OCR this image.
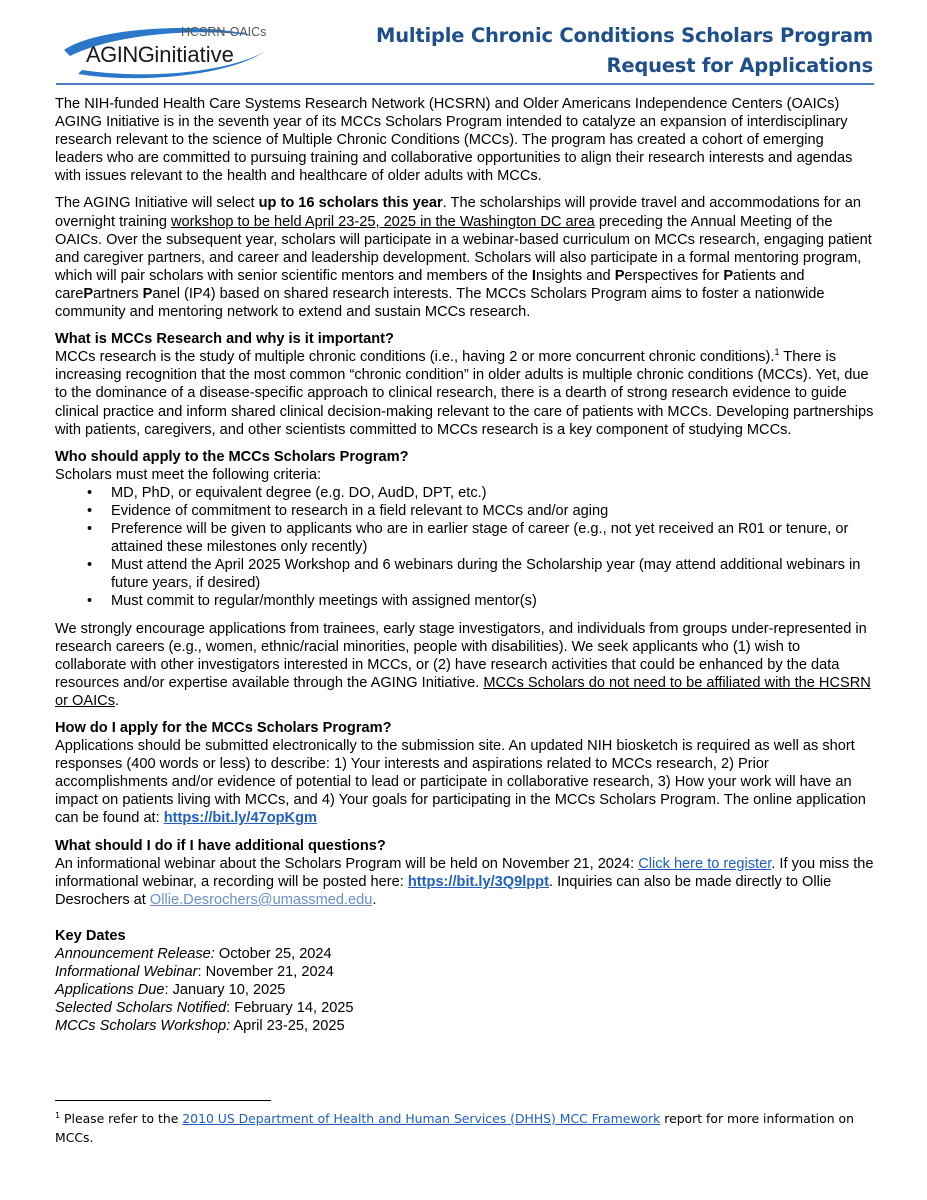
HCSRN-OAICs
AGINGinitiative
Multiple Chronic Conditions Scholars Program
Request for Applications

The NIH-funded Health Care Systems Research Network (HCSRN) and Older Americans Independence Centers (OAICs) AGING Initiative is in the seventh year of its MCCs Scholars Program intended to catalyze an expansion of interdisciplinary research relevant to the science of Multiple Chronic Conditions (MCCs). The program has created a cohort of emerging leaders who are committed to pursuing training and collaborative opportunities to align their research interests and agendas with issues relevant to the health and healthcare of older adults with MCCs.

The AGING Initiative will select up to 16 scholars this year. The scholarships will provide travel and accommodations for an overnight training workshop to be held April 23-25, 2025 in the Washington DC area preceding the Annual Meeting of the OAICs. Over the subsequent year, scholars will participate in a webinar-based curriculum on MCCs research, engaging patient and caregiver partners, and career and leadership development. Scholars will also participate in a formal mentoring program, which will pair scholars with senior scientific mentors and members of the Insights and Perspectives for Patients and carePartners Panel (IP4) based on shared research interests. The MCCs Scholars Program aims to foster a nationwide community and mentoring network to extend and sustain MCCs research.

What is MCCs Research and why is it important?

MCCs research is the study of multiple chronic conditions (i.e., having 2 or more concurrent chronic conditions).$^1$ There is increasing recognition that the most common “chronic condition” in older adults is multiple chronic conditions (MCCs). Yet, due to the dominance of a disease-specific approach to clinical research, there is a dearth of strong research evidence to guide clinical practice and inform shared clinical decision-making relevant to the care of patients with MCCs. Developing partnerships with patients, caregivers, and other scientists committed to MCCs research is a key component of studying MCCs.

Who should apply to the MCCs Scholars Program?

Scholars must meet the following criteria:

• MD, PhD, or equivalent degree (e.g. DO, AudD, DPT, etc.)
• Evidence of commitment to research in a field relevant to MCCs and/or aging
• Preference will be given to applicants who are in earlier stage of career (e.g., not yet received an R01 or tenure, or attained these milestones only recently)
• Must attend the April 2025 Workshop and 6 webinars during the Scholarship year (may attend additional webinars in future years, if desired)
• Must commit to regular/monthly meetings with assigned mentor(s)

We strongly encourage applications from trainees, early stage investigators, and individuals from groups under-represented in research careers (e.g., women, ethnic/racial minorities, people with disabilities). We seek applicants who (1) wish to collaborate with other investigators interested in MCCs, or (2) have research activities that could be enhanced by the data resources and/or expertise available through the AGING Initiative. MCCs Scholars do not need to be affiliated with the HCSRN or OAICs.

How do I apply for the MCCs Scholars Program?

Applications should be submitted electronically to the submission site. An updated NIH biosketch is required as well as short responses (400 words or less) to describe: 1) Your interests and aspirations related to MCCs research, 2) Prior accomplishments and/or evidence of potential to lead or participate in collaborative research, 3) How your work will have an impact on patients living with MCCs, and 4) Your goals for participating in the MCCs Scholars Program. The online application can be found at: https://bit.ly/47opKgm

What should I do if I have additional questions?

An informational webinar about the Scholars Program will be held on November 21, 2024: Click here to register. If you miss the informational webinar, a recording will be posted here: https://bit.ly/3Q9lppt. Inquiries can also be made directly to Ollie Desrochers at Ollie.Desrochers@umassmed.edu.

Key Dates
Announcement Release: October 25, 2024
Informational Webinar: November 21, 2024
Applications Due: January 10, 2025
Selected Scholars Notified: February 14, 2025
MCCs Scholars Workshop: April 23-25, 2025
$^1$ Please refer to the 2010 US Department of Health and Human Services (DHHS) MCC Framework report for more information on MCCs.
